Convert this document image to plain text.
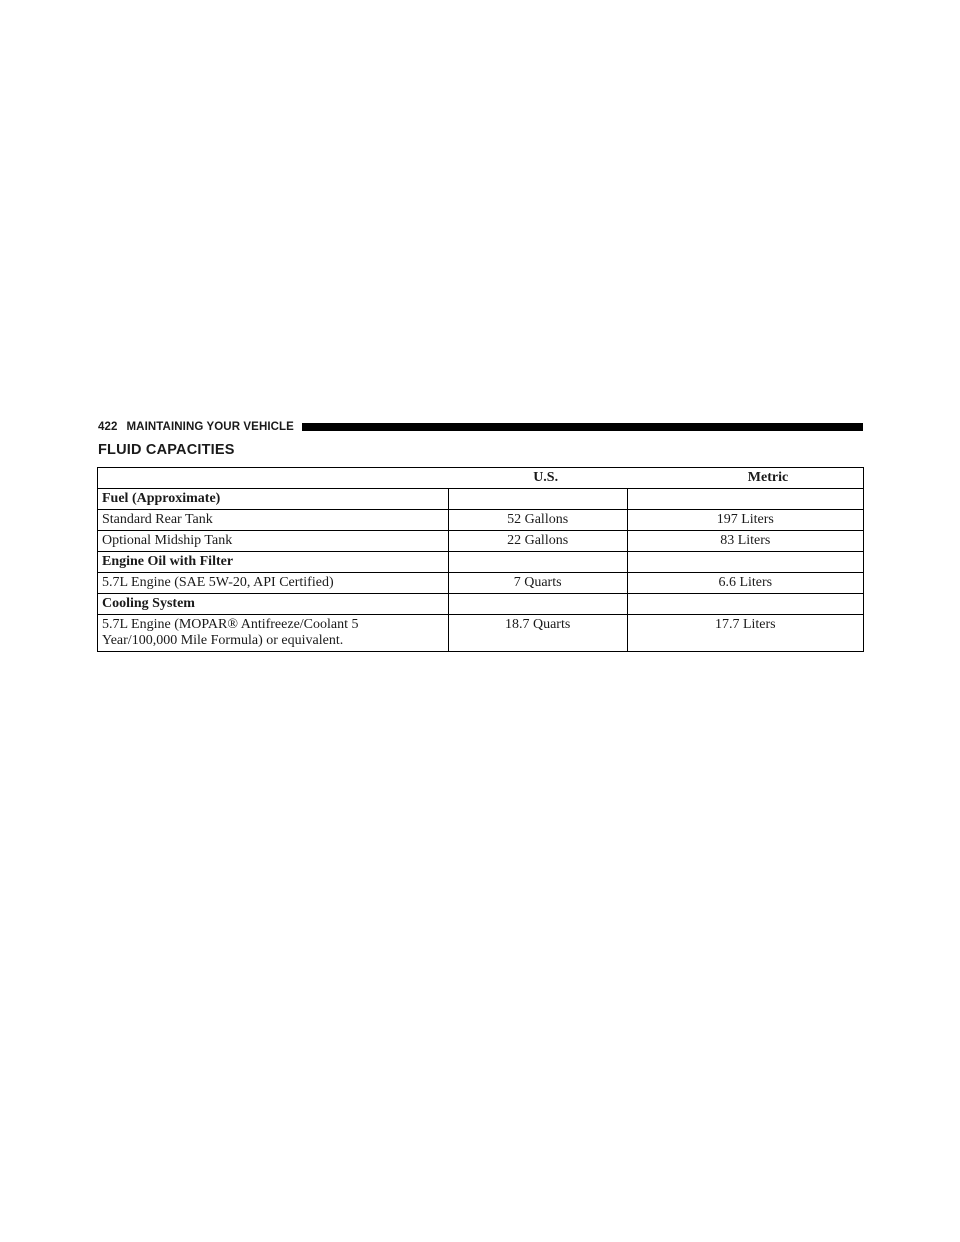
422 MAINTAINING YOUR VEHICLE
FLUID CAPACITIES
	U.S.	Metric
Fuel (Approximate)		
Standard Rear Tank	52 Gallons	197 Liters
Optional Midship Tank	22 Gallons	83 Liters
Engine Oil with Filter		
5.7L Engine (SAE 5W-20, API Certified)	7 Quarts	6.6 Liters
Cooling System		

5.7L Engine (MOPAR® Antifreeze/Coolant 5
Year/100,000 Mile Formula) or equivalent.	18.7 Quarts	17.7 Liters
